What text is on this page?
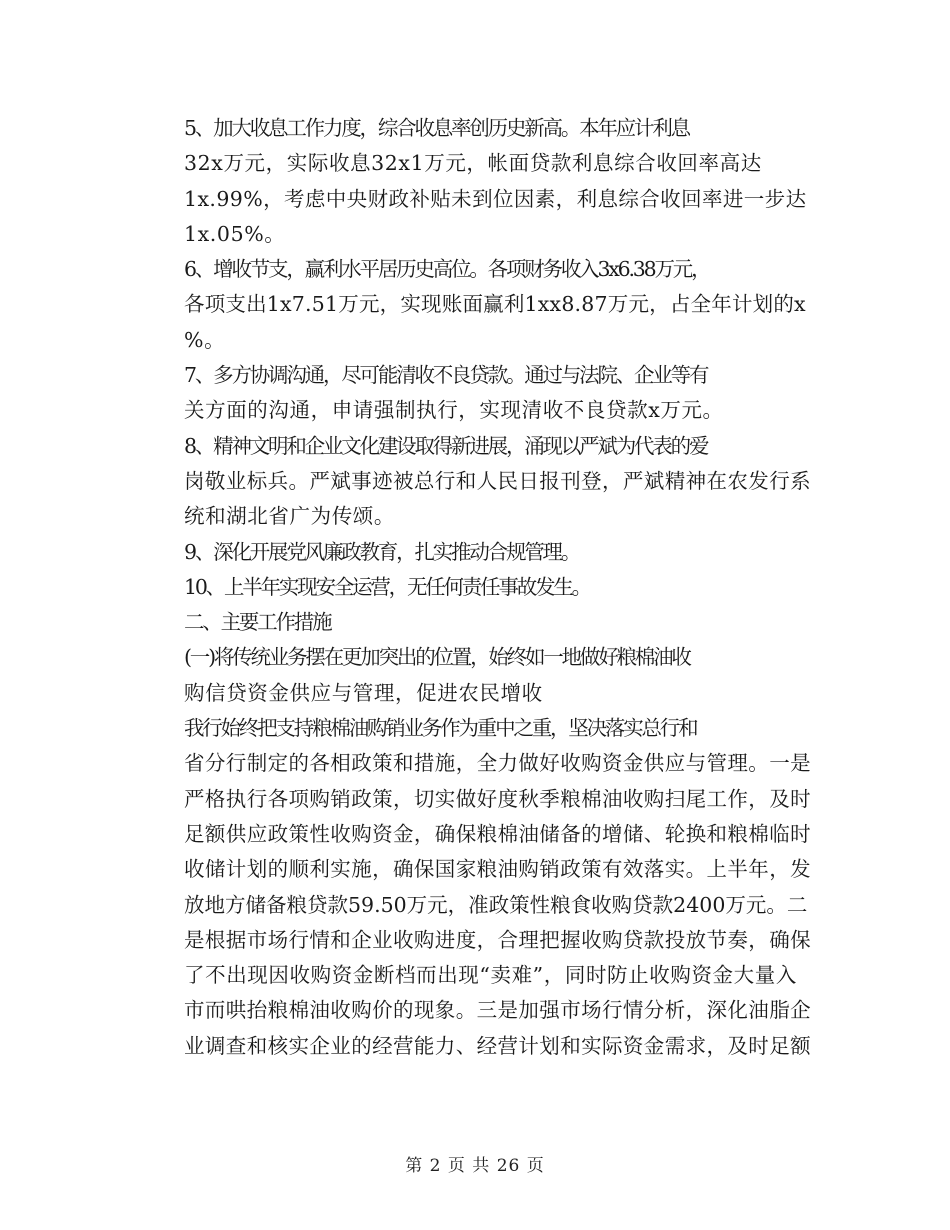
5、加大收息工作力度，综合收息率创历史新高。本年应计利息
32x万元，实际收息32x1万元，帐面贷款利息综合收回率高达
1x.99%，考虑中央财政补贴未到位因素，利息综合收回率进一步达
1x.05%。
6、增收节支，赢利水平居历史高位。各项财务收入3x6.38万元，
各项支出1x7.51万元，实现账面赢利1xx8.87万元，占全年计划的x
%。
7、多方协调沟通，尽可能清收不良贷款。通过与法院、企业等有
关方面的沟通，申请强制执行，实现清收不良贷款x万元。
8、精神文明和企业文化建设取得新进展，涌现以严斌为代表的爱
岗敬业标兵。严斌事迹被总行和人民日报刊登，严斌精神在农发行系
统和湖北省广为传颂。
9、深化开展党风廉政教育，扎实推动合规管理。
10、上半年实现安全运营，无任何责任事故发生。
二、主要工作措施
(一)将传统业务摆在更加突出的位置，始终如一地做好粮棉油收
购信贷资金供应与管理，促进农民增收
我行始终把支持粮棉油购销业务作为重中之重，坚决落实总行和
省分行制定的各相政策和措施，全力做好收购资金供应与管理。一是
严格执行各项购销政策，切实做好度秋季粮棉油收购扫尾工作，及时
足额供应政策性收购资金，确保粮棉油储备的增储、轮换和粮棉临时
收储计划的顺利实施，确保国家粮油购销政策有效落实。上半年，发
放地方储备粮贷款59.50万元，准政策性粮食收购贷款2400万元。二
是根据市场行情和企业收购进度，合理把握收购贷款投放节奏，确保
了不出现因收购资金断档而出现“卖难”，同时防止收购资金大量入
市而哄抬粮棉油收购价的现象。三是加强市场行情分析，深化油脂企
业调查和核实企业的经营能力、经营计划和实际资金需求，及时足额
第 2 页 共 26 页
